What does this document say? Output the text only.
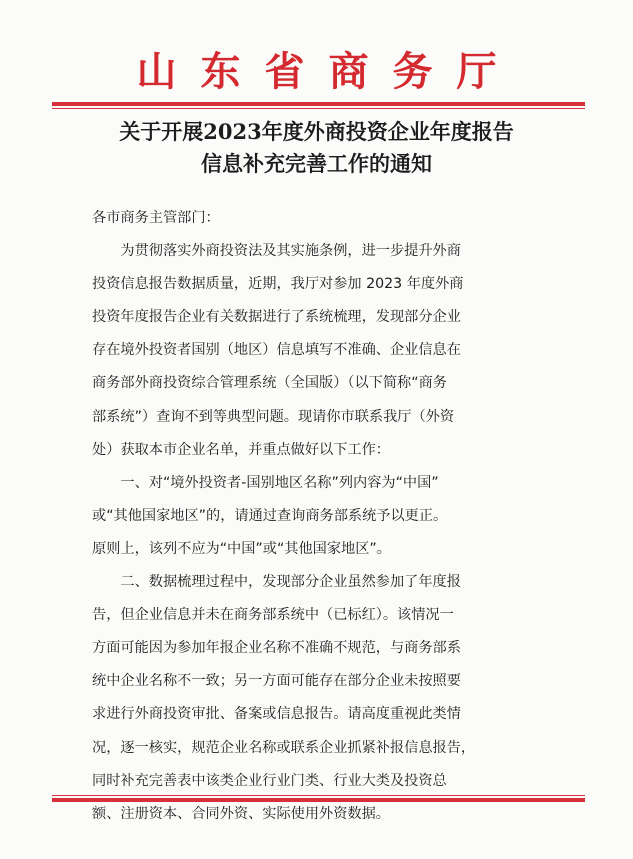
山东省商务厅
关于开展2023年度外商投资企业年度报告
信息补充完善工作的通知
各市商务主管部门：
　　为贯彻落实外商投资法及其实施条例，进一步提升外商
投资信息报告数据质量，近期，我厅对参加 2023 年度外商
投资年度报告企业有关数据进行了系统梳理，发现部分企业
存在境外投资者国别（地区）信息填写不准确、企业信息在
商务部外商投资综合管理系统（全国版）（以下简称“商务
部系统”）查询不到等典型问题。现请你市联系我厅（外资
处）获取本市企业名单，并重点做好以下工作：
　　一、对“境外投资者-国别地区名称”列内容为“中国”
或“其他国家地区”的，请通过查询商务部系统予以更正。
原则上，该列不应为“中国”或“其他国家地区”。
　　二、数据梳理过程中，发现部分企业虽然参加了年度报
告，但企业信息并未在商务部系统中（已标红）。该情况一
方面可能因为参加年报企业名称不准确不规范，与商务部系
统中企业名称不一致；另一方面可能存在部分企业未按照要
求进行外商投资审批、备案或信息报告。请高度重视此类情
况，逐一核实，规范企业名称或联系企业抓紧补报信息报告，
同时补充完善表中该类企业行业门类、行业大类及投资总
额、注册资本、合同外资、实际使用外资数据。
